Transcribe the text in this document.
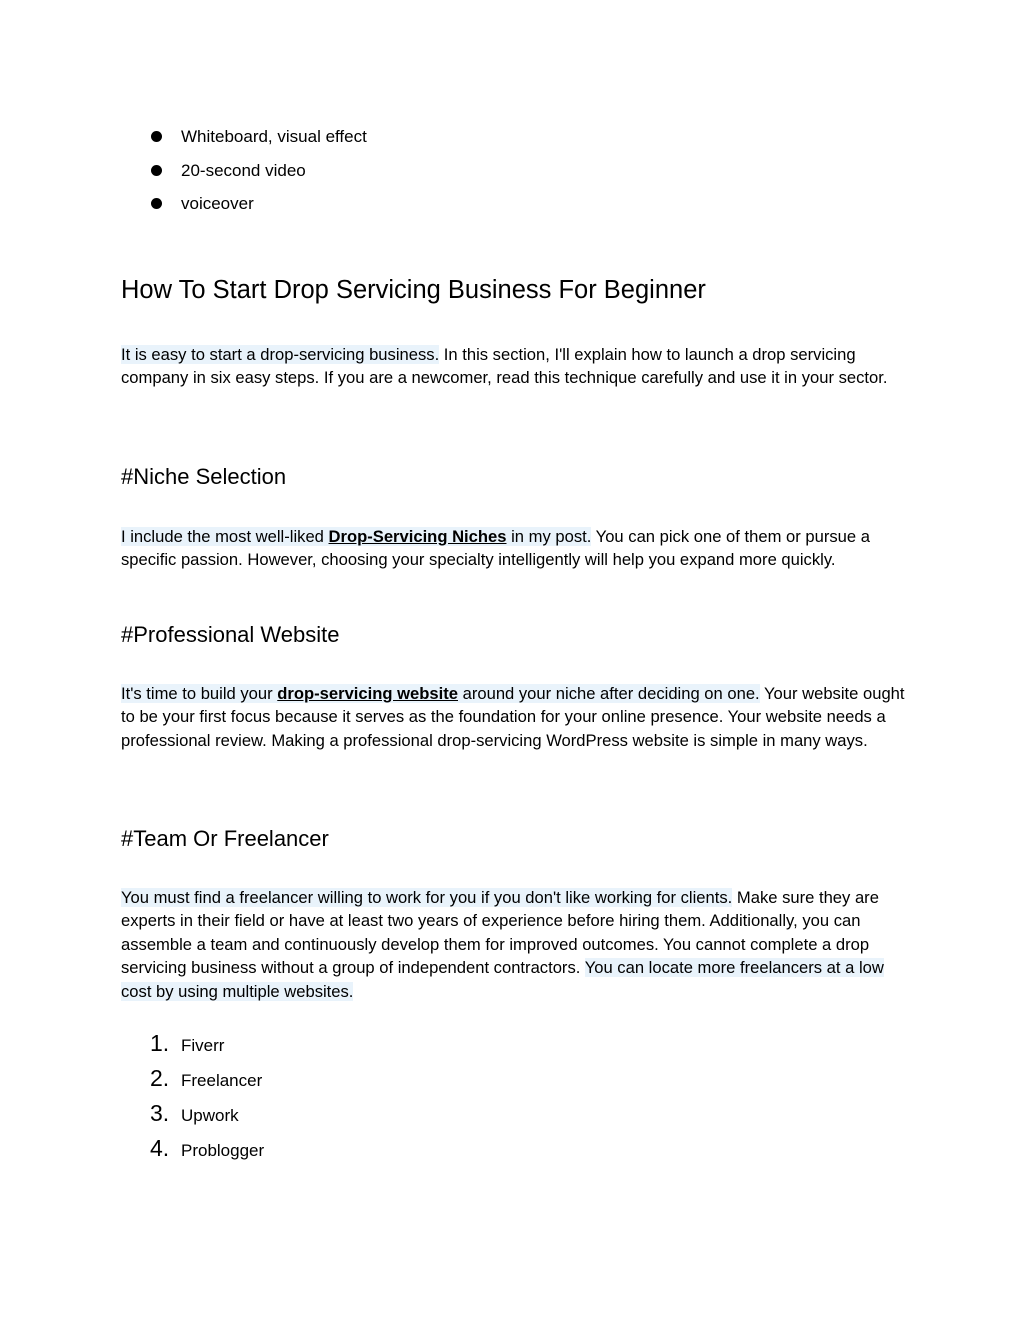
Whiteboard, visual effect
20-second video
voiceover
How To Start Drop Servicing Business For Beginner

It is easy to start a drop-servicing business. In this section, I'll explain how to launch a drop servicing company in six easy steps. If you are a newcomer, read this technique carefully and use it in your sector.

#Niche Selection

I include the most well-liked Drop-Servicing Niches in my post. You can pick one of them or pursue a specific passion. However, choosing your specialty intelligently will help you expand more quickly.

#Professional Website

It's time to build your drop-servicing website around your niche after deciding on one. Your website ought to be your first focus because it serves as the foundation for your online presence. Your website needs a professional review. Making a professional drop-servicing WordPress website is simple in many ways.

#Team Or Freelancer

You must find a freelancer willing to work for you if you don't like working for clients. Make sure they are experts in their field or have at least two years of experience before hiring them. Additionally, you can assemble a team and continuously develop them for improved outcomes. You cannot complete a drop servicing business without a group of independent contractors. You can locate more freelancers at a low cost by using multiple websites.

1. Fiverr
2. Freelancer
3. Upwork
4. Problogger
